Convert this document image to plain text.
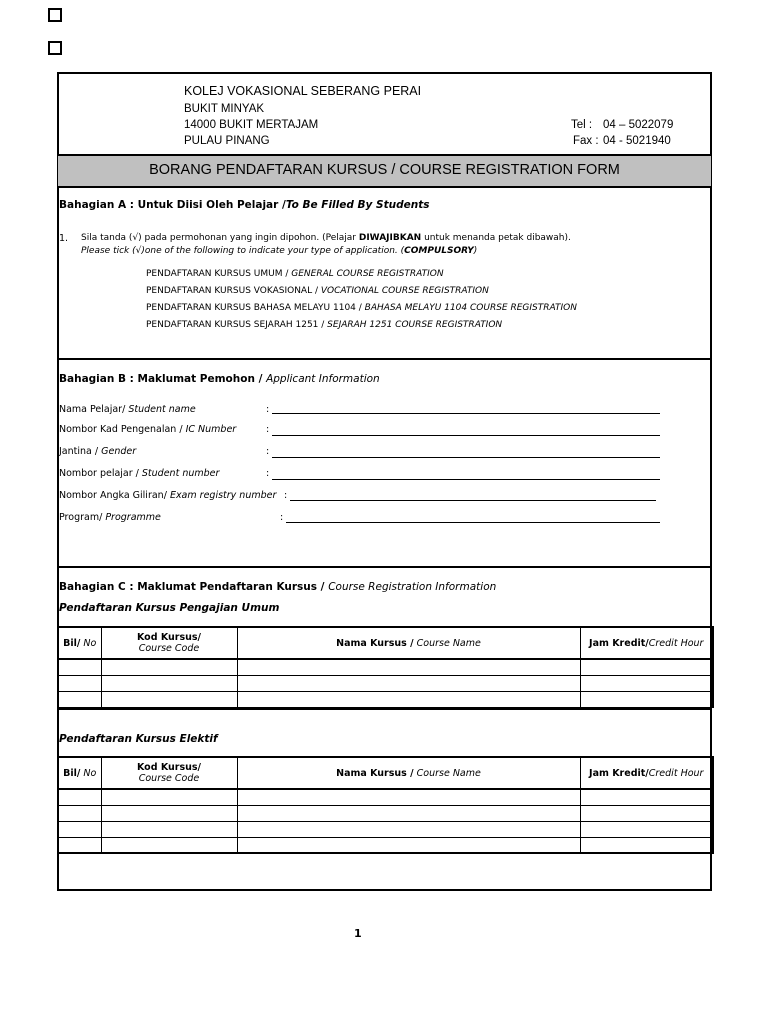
KOLEJ VOKASIONAL SEBERANG PERAI
BUKIT MINYAK
14000 BUKIT MERTAJAM
PULAU PINANG
Tel : 04 – 5022079
Fax : 04 - 5021940
BORANG PENDAFTARAN KURSUS / COURSE REGISTRATION FORM
Bahagian A : Untuk Diisi Oleh Pelajar /To Be Filled By Students
1. Sila tanda (√) pada permohonan yang ingin dipohon. (Pelajar DIWAJIBKAN untuk menanda petak dibawah).
Please tick (√)one of the following to indicate your type of application. (COMPULSORY)
PENDAFTARAN KURSUS UMUM / GENERAL COURSE REGISTRATION
PENDAFTARAN KURSUS VOKASIONAL / VOCATIONAL COURSE REGISTRATION
PENDAFTARAN KURSUS BAHASA MELAYU 1104 / BAHASA MELAYU 1104 COURSE REGISTRATION
PENDAFTARAN KURSUS SEJARAH 1251 / SEJARAH 1251 COURSE REGISTRATION
Bahagian B : Maklumat Pemohon / Applicant Information
Nama Pelajar/ Student name	:
Nombor Kad Pengenalan / IC Number	:
Jantina / Gender	:
Nombor pelajar / Student number	:
Nombor Angka Giliran/ Exam registry number :
Program/ Programme	:
Bahagian C : Maklumat Pendaftaran Kursus / Course Registration Information
Pendaftaran Kursus Pengajian Umum
Bil/ No	Kod Kursus/
Course Code	Nama Kursus / Course Name	Jam Kredit/Credit Hour

Pendaftaran Kursus Elektif
Bil/ No	Kod Kursus/
Course Code	Nama Kursus / Course Name	Jam Kredit/Credit Hour

1
